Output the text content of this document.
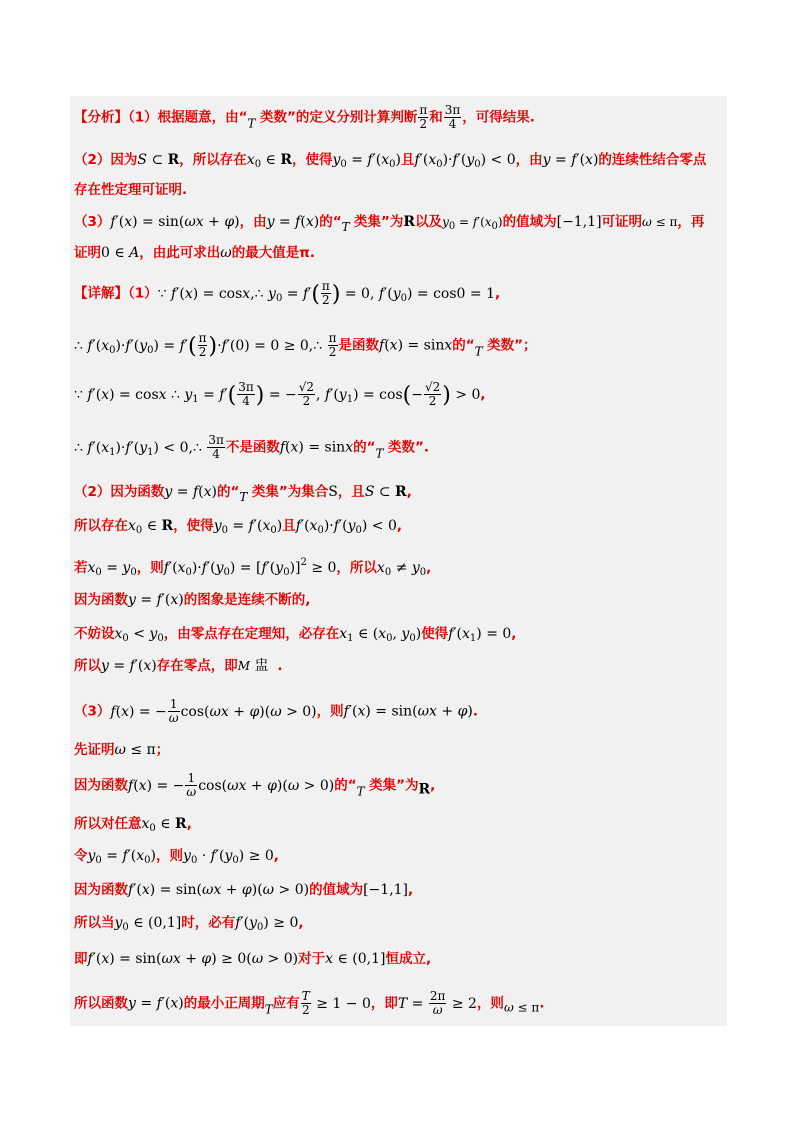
【分析】（1）根据题意，由“T 类数”的定义分别计算判断 $\frac{\pi}{2}$ 和 $\frac{3\pi}{4}$ ，可得结果.
（2）因为S ⊂ R，所以存在$x_0$ ∈ R，使得$y_0 = f'(x_0)$且$f'(x_0)\cdot f'(y_0) < 0$，由y = f′(x)的连续性结合零点
存在性定理可证明.
（3）f′(x) = sin(ωx + φ)，由y = f(x)的“T 类集”为R以及$y_0 = f'(x_0)$的值域为[−1,1]可证明ω ≤ π，再
证明0 ∈ A，由此可求出ω的最大值是π.
【详解】（1）∵ f′(x) = cosx,∴ $y_0 = f'( \frac{\pi}{2}$ ) = 0, $f'(y_0) = \cos 0 = 1$,
∴ $f'(x_0)\cdot f'(y_0) = f'( \frac{\pi}{2} )\cdot f'(0) = 0$ ≥ 0,∴ $\frac{\pi}{2}$ 是函数f(x) = sinx的“T 类数”；
∵ f′(x) = cosx ∴ $y_1 = f'( \frac{3\pi}{4}$ ) = − $\frac{√2}{2}$ , $f'(y_1) = \cos(- \frac{√2}{2}$ ) > 0,
∴ $f'(x_1)\cdot f'(y_1)$ < 0,∴ $\frac{3\pi}{4}$ 不是函数f(x) = sinx的“T 类数”.
（2）因为函数y = f(x)的“T 类集”为集合S，且S ⊂ R,
所以存在$x_0$ ∈ R，使得$y_0 = f'(x_0)$且$f'(x_0)\cdot f'(y_0) < 0$,
若$x_0 = y_0$，则$f'(x_0)\cdot f'(y_0) = [f'(y_0)]^2 \ge 0$，所以$x_0 \ne y_0$,
因为函数y = f′(x)的图象是连续不断的,
不妨设$x_0 < y_0$，由零点存在定理知，必存在$x_1$ ∈ ($x_0$, $y_0$)使得$f'(x_1) = 0$,
所以y = f′(x)存在零点，即M 盅 .
（3）f(x) = − $\frac{1}{\omega} \cos(\omega x + \varphi)(\omega > 0)$，则f′(x) = sin(ωx + φ).
先证明ω ≤ π；
因为函数f(x) = − $\frac{1}{\omega} \cos(\omega x + \varphi)(\omega > 0)$的“T 类集”为R,
所以对任意$x_0$ ∈ R,
令$y_0 = f'(x_0)$，则$y_0 \cdot f'(y_0) \ge 0$,
因为函数f′(x) = sin(ωx + φ)(ω > 0)的值域为[−1,1],
所以当$y_0$ ∈ (0,1]时，必有$f'(y_0) \ge 0$,
即f′(x) = sin(ωx + φ) ≥ 0(ω > 0)对于x ∈ (0,1]恒成立,
所以函数y = f′(x)的最小正周期T应有 $\frac{T}{2} \ge 1 - 0$，即$T = \frac{2\pi}{\omega} \ge 2$，则ω ≤ π.
